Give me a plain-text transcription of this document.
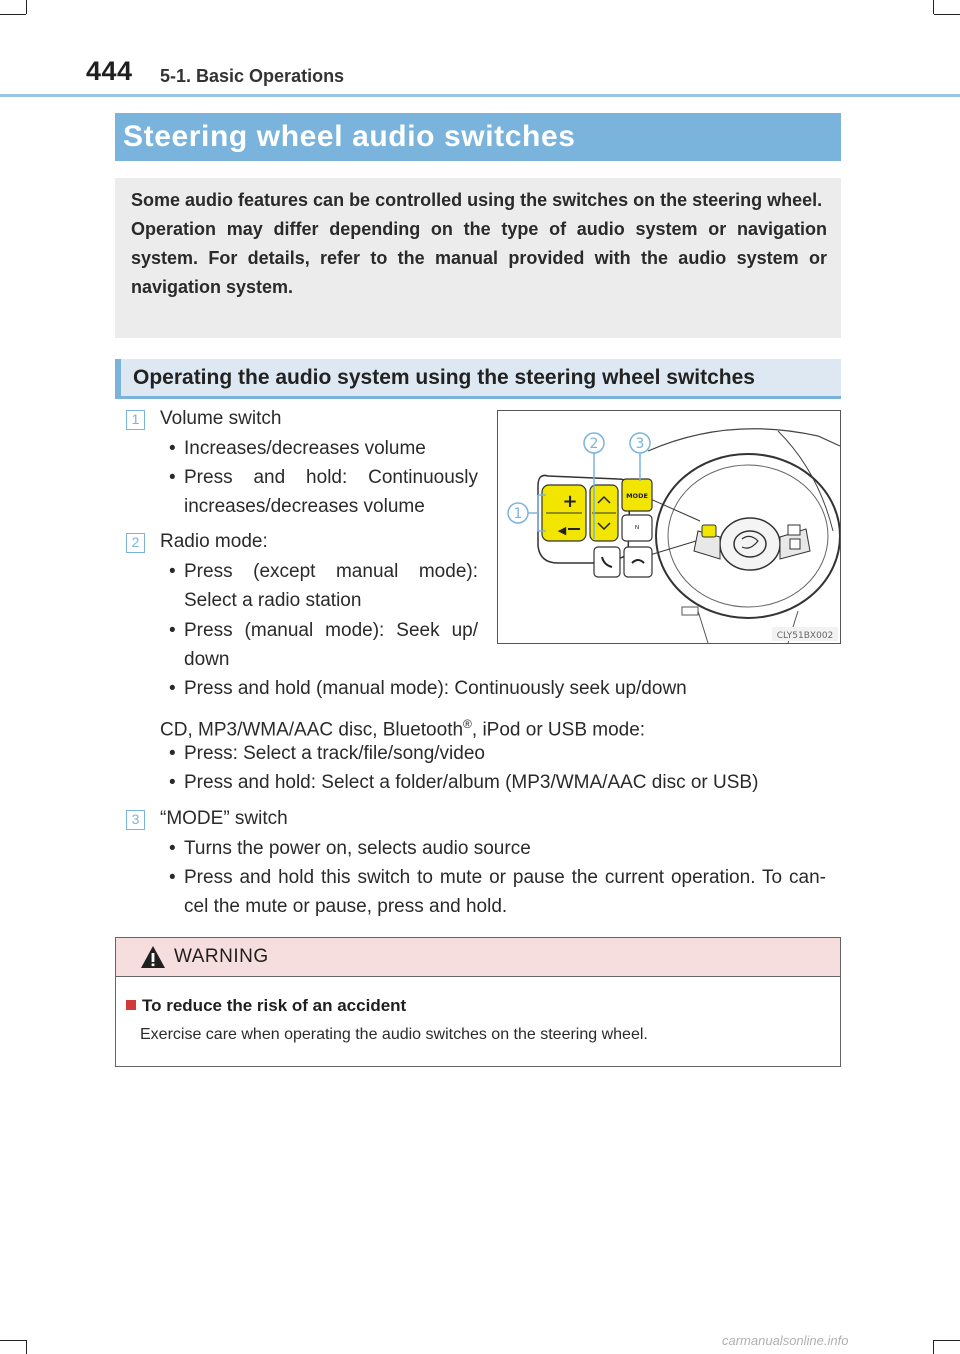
444 5-1. Basic Operations
Steering wheel audio switches

Some audio features can be controlled using the switches on the steering wheel.

Operation may differ depending on the type of audio system or navigation system. For details, refer to the manual provided with the audio system or navigation system.

Operating the audio system using the steering wheel switches
1 Volume switch
• Increases/decreases volume
• Press and hold: Continuously
increases/decreases volume
2 Radio mode:
• Press (except manual mode):
Select a radio station
• Press (manual mode): Seek up/
down
• Press and hold (manual mode): Continuously seek up/down
CD, MP3/WMA/AAC disc, Bluetooth®, iPod or USB mode:
• Press: Select a track/file/song/video
• Press and hold: Select a folder/album (MP3/WMA/AAC disc or USB)
3 “MODE” switch
• Turns the power on, selects audio source
• Press and hold this switch to mute or pause the current operation. To can-
cel the mute or pause, press and hold.
+
◀
MODE
ᴺ
1
2	3
CLY51BX002
WARNING
To reduce the risk of an accident
Exercise care when operating the audio switches on the steering wheel.
carmanualsonline.info
